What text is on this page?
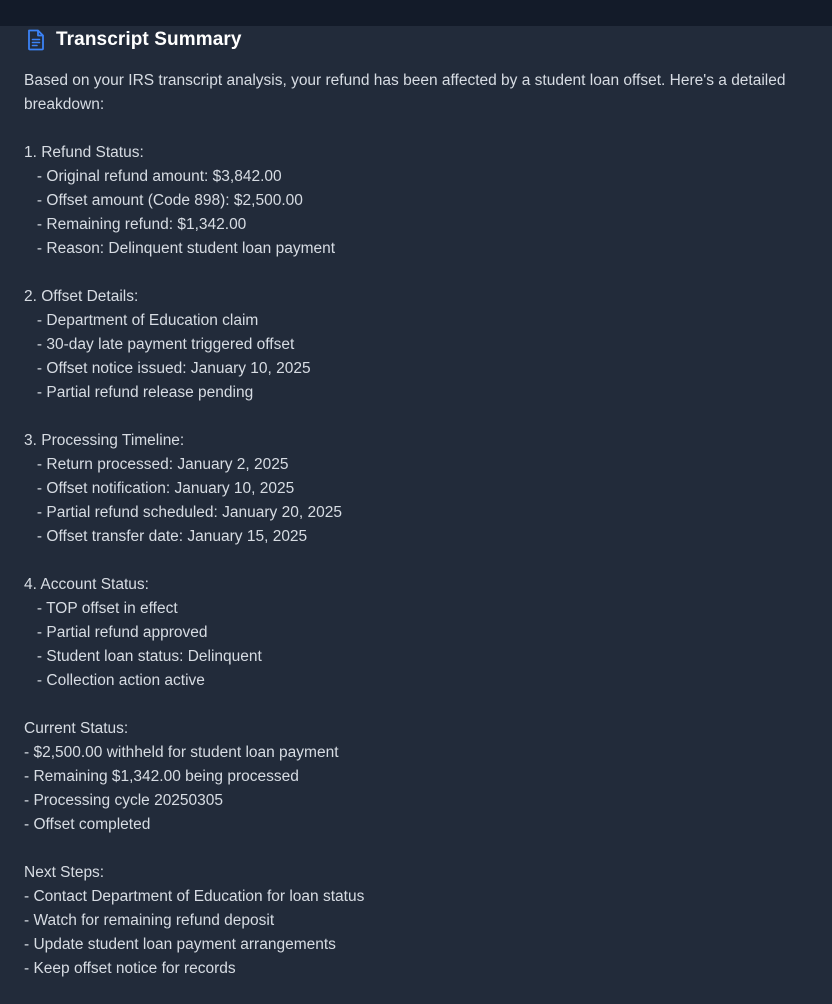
Transcript Summary
Based on your IRS transcript analysis, your refund has been affected by a student loan offset. Here's a detailed breakdown:
1. Refund Status:
- Original refund amount: $3,842.00
- Offset amount (Code 898): $2,500.00
- Remaining refund: $1,342.00
- Reason: Delinquent student loan payment
2. Offset Details:
- Department of Education claim
- 30-day late payment triggered offset
- Offset notice issued: January 10, 2025
- Partial refund release pending
3. Processing Timeline:
- Return processed: January 2, 2025
- Offset notification: January 10, 2025
- Partial refund scheduled: January 20, 2025
- Offset transfer date: January 15, 2025
4. Account Status:
- TOP offset in effect
- Partial refund approved
- Student loan status: Delinquent
- Collection action active
Current Status:
- $2,500.00 withheld for student loan payment
- Remaining $1,342.00 being processed
- Processing cycle 20250305
- Offset completed
Next Steps:
- Contact Department of Education for loan status
- Watch for remaining refund deposit
- Update student loan payment arrangements
- Keep offset notice for records
